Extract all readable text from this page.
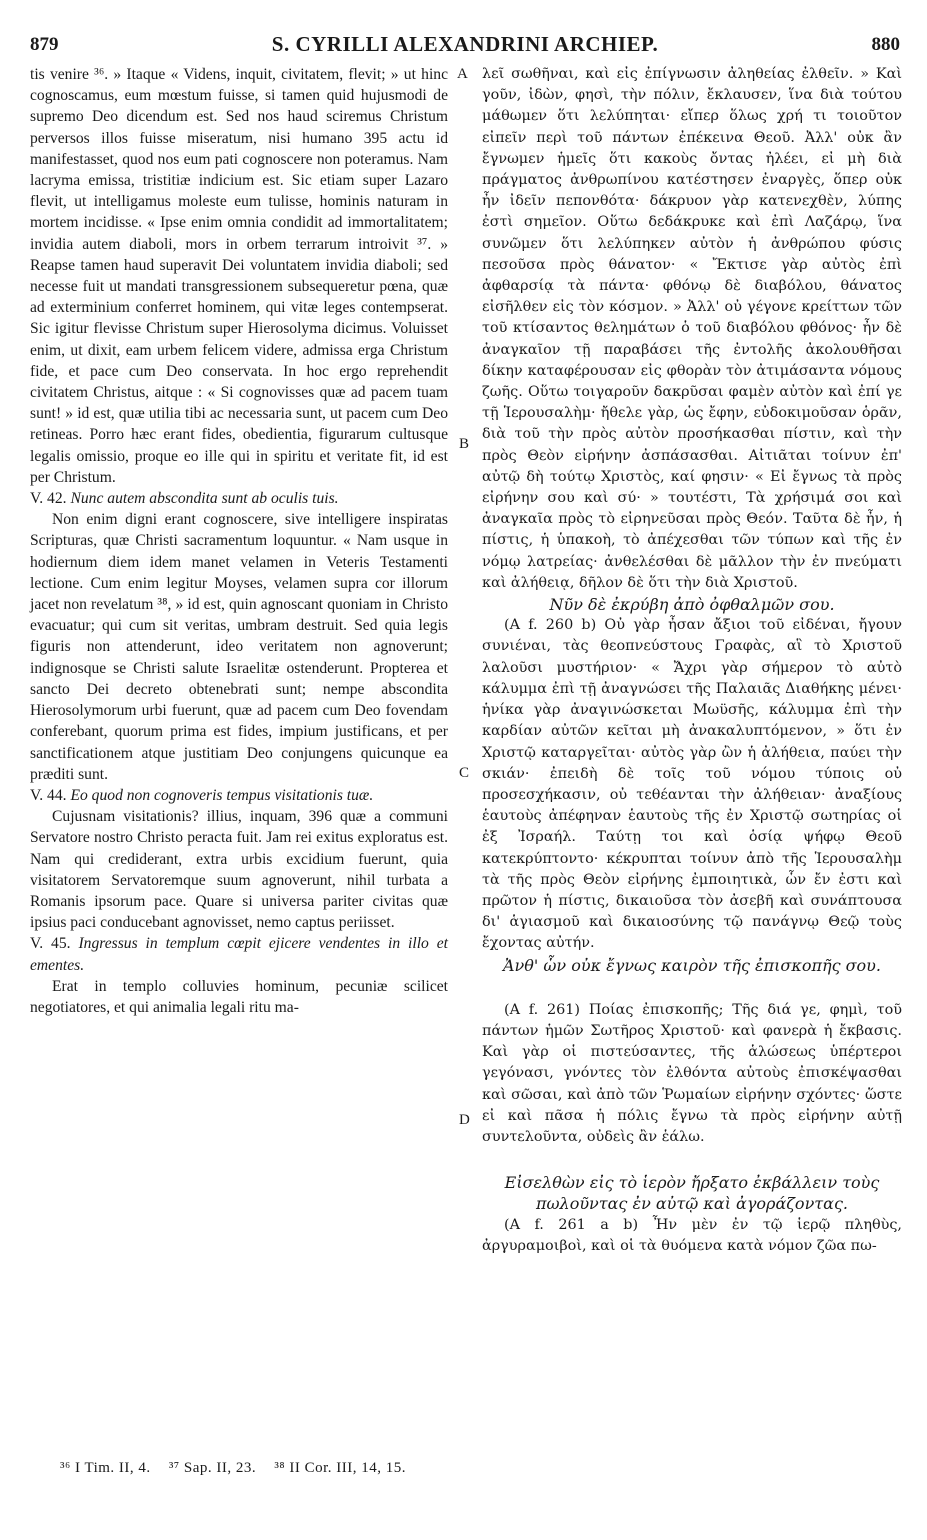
879	S. CYRILLI ALEXANDRINI ARCHIEP.	880
A
B
C
D

tis venire ³⁶. » Itaque « Videns, inquit, civitatem, flevit; » ut hinc cognoscamus, eum mœstum fuisse, si tamen quid hujusmodi de supremo Deo dicendum est. Sed nos haud sciremus Christum perversos illos fuisse miseratum, nisi humano 395 actu id manifestasset, quod nos eum pati cognoscere non poteramus. Nam lacryma emissa, tristitiæ indicium est. Sic etiam super Lazaro flevit, ut intelligamus moleste eum tulisse, hominis naturam in mortem incidisse. « Ipse enim omnia condidit ad immortalitatem; invidia autem diaboli, mors in orbem terrarum introivit ³⁷. » Reapse tamen haud superavit Dei voluntatem invidia diaboli; sed necesse fuit ut mandati transgressionem subsequeretur pœna, quæ ad exterminium conferret hominem, qui vitæ leges contempserat. Sic igitur flevisse Christum super Hierosolyma dicimus. Voluisset enim, ut dixit, eam urbem felicem videre, admissa erga Christum fide, et pace cum Deo conservata. In hoc ergo reprehendit civitatem Christus, aitque : « Si cognovisses quæ ad pacem tuam sunt! » id est, quæ utilia tibi ac necessaria sunt, ut pacem cum Deo retineas. Porro hæc erant fides, obedientia, figurarum cultusque legalis omissio, proque eo ille qui in spiritu et veritate fit, id est per Christum.

V. 42. Nunc autem abscondita sunt ab oculis tuis.

Non enim digni erant cognoscere, sive intelligere inspiratas Scripturas, quæ Christi sacramentum loquuntur. « Nam usque in hodiernum diem idem manet velamen in Veteris Testamenti lectione. Cum enim legitur Moyses, velamen supra cor illorum jacet non revelatum ³⁸, » id est, quin agnoscant quoniam in Christo evacuatur; qui cum sit veritas, umbram destruit. Sed quia legis figuris non attenderunt, ideo veritatem non agnoverunt; indignosque se Christi salute Israelitæ ostenderunt. Propterea et sancto Dei decreto obtenebrati sunt; nempe abscondita Hierosolymorum urbi fuerunt, quæ ad pacem cum Deo fovendam conferebant, quorum prima est fides, impium justificans, et per sanctificationem atque justitiam Deo conjungens quicunque ea præditi sunt.

V. 44. Eo quod non cognoveris tempus visitationis tuæ.

Cujusnam visitationis? illius, inquam, 396 quæ a communi Servatore nostro Christo peracta fuit. Jam rei exitus exploratus est. Nam qui crediderant, extra urbis excidium fuerunt, quia visitatorem Servatoremque suum agnoverunt, nihil turbata a Romanis ipsorum pace. Quare si universa pariter civitas quæ ipsius paci conducebant agnovisset, nemo captus periisset.

V. 45. Ingressus in templum cœpit ejicere vendentes in illo et ementes.

Erat in templo colluvies hominum, pecuniæ scilicet negotiatores, et qui animalia legali ritu ma-

λεῖ σωθῆναι, καὶ εἰς ἐπίγνωσιν ἀληθείας ἐλθεῖν. » Καὶ γοῦν, ἰδὼν, φησὶ, τὴν πόλιν, ἔκλαυσεν, ἵνα διὰ τούτου μάθωμεν ὅτι λελύπηται· εἴπερ ὅλως χρή τι τοιοῦτον εἰπεῖν περὶ τοῦ πάντων ἐπέκεινα Θεοῦ. Ἀλλ' οὐκ ἂν ἔγνωμεν ἡμεῖς ὅτι κακοὺς ὄντας ἠλέει, εἰ μὴ διὰ πράγματος ἀνθρωπίνου κατέστησεν ἐναργὲς, ὅπερ οὐκ ἦν ἰδεῖν πεπονθότα· δάκρυον γὰρ κατενεχθὲν, λύπης ἐστὶ σημεῖον. Οὕτω δεδάκρυκε καὶ ἐπὶ Λαζάρῳ, ἵνα συνῶμεν ὅτι λελύπηκεν αὐτὸν ἡ ἀνθρώπου φύσις πεσοῦσα πρὸς θάνατον· « Ἔκτισε γὰρ αὐτὸς ἐπὶ ἀφθαρσίᾳ τὰ πάντα· φθόνῳ δὲ διαβόλου, θάνατος εἰσῆλθεν εἰς τὸν κόσμον. » Ἀλλ' οὐ γέγονε κρείττων τῶν τοῦ κτίσαντος θελημάτων ὁ τοῦ διαβόλου φθόνος· ἦν δὲ ἀναγκαῖον τῇ παραβάσει τῆς ἐντολῆς ἀκολουθῆσαι δίκην καταφέρουσαν εἰς φθορὰν τὸν ἀτιμάσαντα νόμους ζωῆς. Οὕτω τοιγαροῦν δακρῦσαι φαμὲν αὐτὸν καὶ ἐπί γε τῇ Ἱερουσαλὴμ· ἤθελε γὰρ, ὡς ἔφην, εὐδοκιμοῦσαν ὁρᾶν, διὰ τοῦ τὴν πρὸς αὐτὸν προσήκασθαι πίστιν, καὶ τὴν πρὸς Θεὸν εἰρήνην ἀσπάσασθαι. Αἰτιᾶται τοίνυν ἐπ' αὐτῷ δὴ τούτῳ Χριστὸς, καί φησιν· « Εἰ ἔγνως τὰ πρὸς εἰρήνην σου καὶ σύ· » τουτέστι, Τὰ χρήσιμά σοι καὶ ἀναγκαῖα πρὸς τὸ εἰρηνεῦσαι πρὸς Θεόν. Ταῦτα δὲ ἦν, ἡ πίστις, ἡ ὑπακοὴ, τὸ ἀπέχεσθαι τῶν τύπων καὶ τῆς ἐν νόμῳ λατρείας· ἀνθελέσθαι δὲ μᾶλλον τὴν ἐν πνεύματι καὶ ἀλήθειᾳ, δῆλον δὲ ὅτι τὴν διὰ Χριστοῦ.

Νῦν δὲ ἐκρύβη ἀπὸ ὀφθαλμῶν σου.

(A f. 260 b) Οὐ γὰρ ἦσαν ἄξιοι τοῦ εἰδέναι, ἤγουν συνιέναι, τὰς θεοπνεύστους Γραφὰς, αἳ τὸ Χριστοῦ λαλοῦσι μυστήριον· « Ἄχρι γὰρ σήμερον τὸ αὐτὸ κάλυμμα ἐπὶ τῇ ἀναγνώσει τῆς Παλαιᾶς Διαθήκης μένει· ἡνίκα γὰρ ἀναγινώσκεται Μωϋσῆς, κάλυμμα ἐπὶ τὴν καρδίαν αὐτῶν κεῖται μὴ ἀνακαλυπτόμενον, » ὅτι ἐν Χριστῷ καταργεῖται· αὐτὸς γὰρ ὢν ἡ ἀλήθεια, παύει τὴν σκιάν· ἐπειδὴ δὲ τοῖς τοῦ νόμου τύποις οὐ προσεσχήκασιν, οὐ τεθέανται τὴν ἀλήθειαν· ἀναξίους ἑαυτοὺς ἀπέφηναν ἑαυτοὺς τῆς ἐν Χριστῷ σωτηρίας οἱ ἐξ Ἰσραήλ. Ταύτῃ τοι καὶ ὁσίᾳ ψήφῳ Θεοῦ κατεκρύπτοντο· κέκρυπται τοίνυν ἀπὸ τῆς Ἱερουσαλὴμ τὰ τῆς πρὸς Θεὸν εἰρήνης ἐμποιητικὰ, ὧν ἔν ἐστι καὶ πρῶτον ἡ πίστις, δικαιοῦσα τὸν ἀσεβῆ καὶ συνάπτουσα δι' ἁγιασμοῦ καὶ δικαιοσύνης τῷ πανάγνῳ Θεῷ τοὺς ἔχοντας αὐτήν.

Ἀνθ' ὧν οὐκ ἔγνως καιρὸν τῆς ἐπισκοπῆς σου.

(A f. 261) Ποίας ἐπισκοπῆς; Τῆς διά γε, φημὶ, τοῦ πάντων ἡμῶν Σωτῆρος Χριστοῦ· καὶ φανερὰ ἡ ἔκβασις. Καὶ γὰρ οἱ πιστεύσαντες, τῆς ἁλώσεως ὑπέρτεροι γεγόνασι, γνόντες τὸν ἐλθόντα αὐτοὺς ἐπισκέψασθαι καὶ σῶσαι, καὶ ἀπὸ τῶν Ῥωμαίων εἰρήνην σχόντες· ὥστε εἰ καὶ πᾶσα ἡ πόλις ἔγνω τὰ πρὸς εἰρήνην αὐτῇ συντελοῦντα, οὐδεὶς ἂν ἑάλω.

Εἰσελθὼν εἰς τὸ ἱερὸν ἤρξατο ἐκβάλλειν τοὺς πωλοῦντας ἐν αὐτῷ καὶ ἀγοράζοντας.

(A f. 261 a b) Ἦν μὲν ἐν τῷ ἱερῷ πληθὺς, ἀργυραμοιβοὶ, καὶ οἱ τὰ θυόμενα κατὰ νόμον ζῶα πω-

³⁶ I Tim. II, 4. ³⁷ Sap. II, 23. ³⁸ II Cor. III, 14, 15.
